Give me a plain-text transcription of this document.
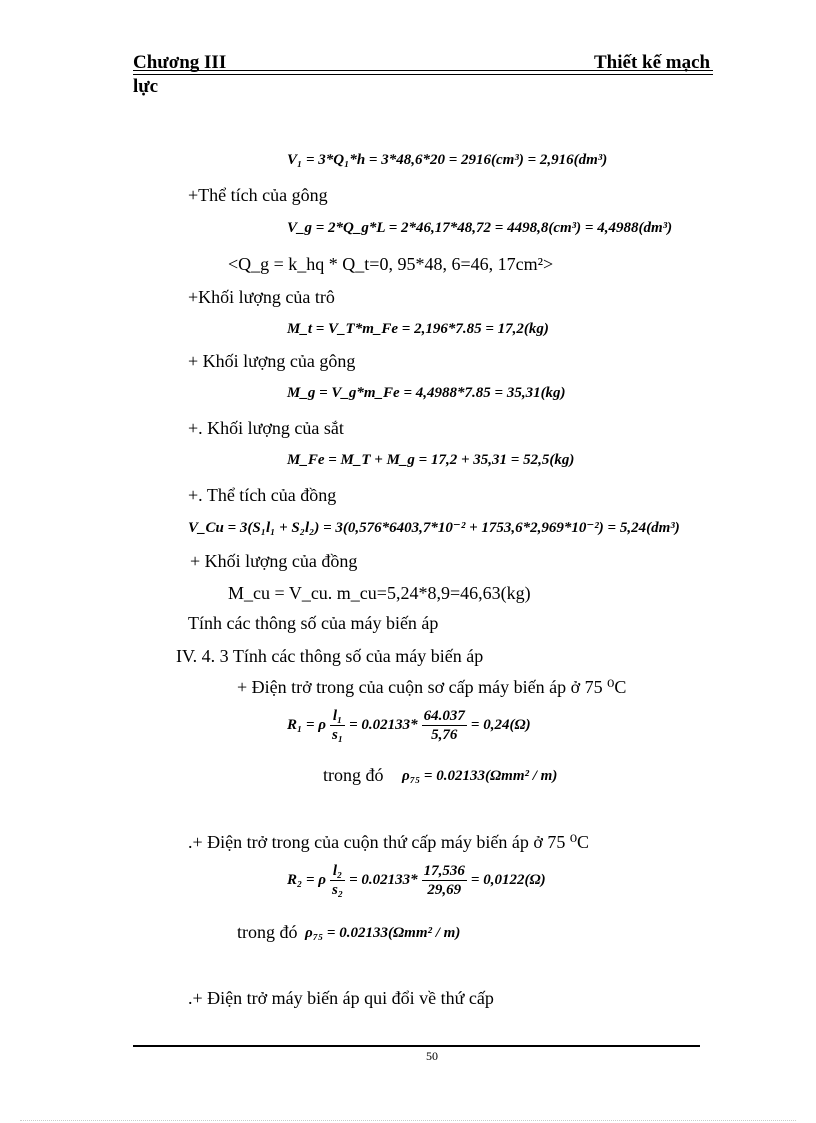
Chương III	Thiết kế mạch
lực
V₁ = 3*Q₁*h = 3*48,6*20 = 2916(cm³) = 2,916(dm³)
+Thể tích của gông
V_g = 2*Q_g*L = 2*46,17*48,72 = 4498,8(cm³) = 4,4988(dm³)
<Q_g = k_hq * Q_t=0, 95*48, 6=46, 17cm²>
+Khối lượng của trô
M_t = V_T*m_Fe = 2,196*7.85 = 17,2(kg)
+ Khối lượng của gông
M_g = V_g*m_Fe = 4,4988*7.85 = 35,31(kg)
+. Khối lượng của sắt
M_Fe = M_T + M_g = 17,2 + 35,31 = 52,5(kg)
+. Thể tích của đồng
V_Cu = 3(S₁l₁ + S₂l₂) = 3(0,576*6403,7*10⁻² + 1753,6*2,969*10⁻²) = 5,24(dm³)
+ Khối lượng của đồng
M_cu = V_cu. m_cu=5,24*8,9=46,63(kg)
Tính các thông số của máy biến áp
IV. 4. 3 Tính các thông số của máy biến áp
+ Điện trở trong của cuộn sơ cấp máy biến áp ở 75 ⁰C
R₁ = ρ $\frac{\text{l₁}}{\text{s₁}} = 0.02133* \frac{64.037}{5,76} = 0,24(\Omega)$
trong đó ρ₇₅ = 0.02133(Ωmm² / m)
.+ Điện trở trong của cuộn thứ cấp máy biến áp ở 75 ⁰C
R₂ = ρ $\frac{\text{l₂}}{\text{s₂}} = 0.02133* \frac{17,536}{29,69} = 0,0122(\Omega)$
trong đó ρ₇₅ = 0.02133(Ωmm² / m)
.+ Điện trở máy biến áp qui đổi về thứ cấp
50
